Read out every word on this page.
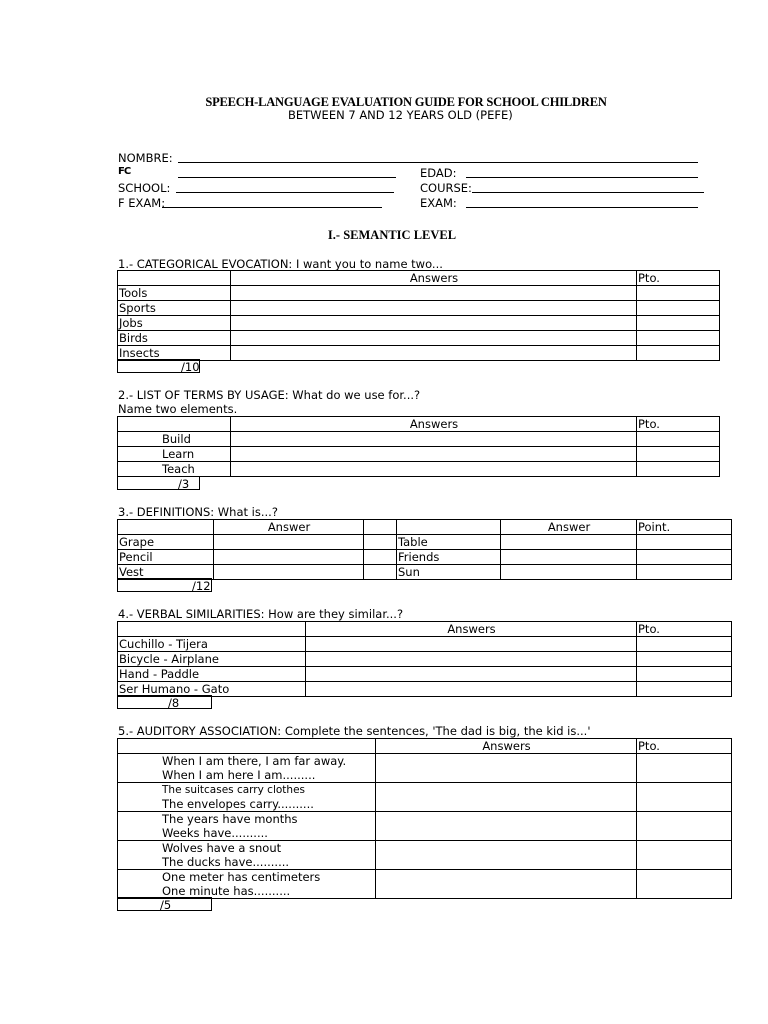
SPEECH-LANGUAGE EVALUATION GUIDE FOR SCHOOL CHILDREN
BETWEEN 7 AND 12 YEARS OLD (PEFE)
NOMBRE:
FC	EDAD:
SCHOOL:	COURSE:
F EXAM:	EXAM:
I.- SEMANTIC LEVEL
1.- CATEGORICAL EVOCATION: I want you to name two...
	Answers	Pto.
Tools		
Sports		
Jobs		
Birds		
Insects		
/10
2.- LIST OF TERMS BY USAGE: What do we use for...?
Name two elements.
	Answers	Pto.
Build		
Learn		
Teach		
/3
3.- DEFINITIONS: What is...?
	Answer			Answer	Point.
Grape			Table		
Pencil			Friends		
Vest			Sun		
/12
4.- VERBAL SIMILARITIES: How are they similar...?
	Answers	Pto.
Cuchillo - Tijera		
Bicycle - Airplane		
Hand - Paddle		
Ser Humano - Gato		
/8
5.- AUDITORY ASSOCIATION: Complete the sentences, 'The dad is big, the kid is...'
	Answers	Pto.

When I am there, I am far away.
When I am here I am.........		

The suitcases carry clothes
The envelopes carry..........		

The years have months
Weeks have..........		

Wolves have a snout
The ducks have..........		

One meter has centimeters
One minute has..........		

/5
